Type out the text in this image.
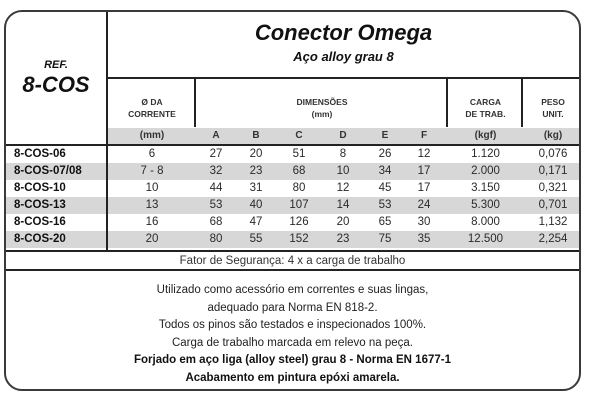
REF.
8-COS
Conector Omega
Aço alloy grau 8
Ø DA
CORRENTE
DIMENSÕES
(mm)
CARGA
DE TRAB.
PESO
UNIT.
(mm)	A	B	C	D	E	F	(kgf)	(kg)
8-COS-06	6	27	20	51	8	26	12	1.120	0,076
8-COS-07/08	7 - 8	32	23	68	10	34	17	2.000	0,171
8-COS-10	10	44	31	80	12	45	17	3.150	0,321
8-COS-13	13	53	40	107	14	53	24	5.300	0,701
8-COS-16	16	68	47	126	20	65	30	8.000	1,132
8-COS-20	20	80	55	152	23	75	35	12.500	2,254
Fator de Segurança: 4 x a carga de trabalho
Utilizado como acessório em correntes e suas lingas,
adequado para Norma EN 818-2.
Todos os pinos são testados e inspecionados 100%.
Carga de trabalho marcada em relevo na peça.
Forjado em aço liga (alloy steel) grau 8 - Norma EN 1677-1
Acabamento em pintura epóxi amarela.
